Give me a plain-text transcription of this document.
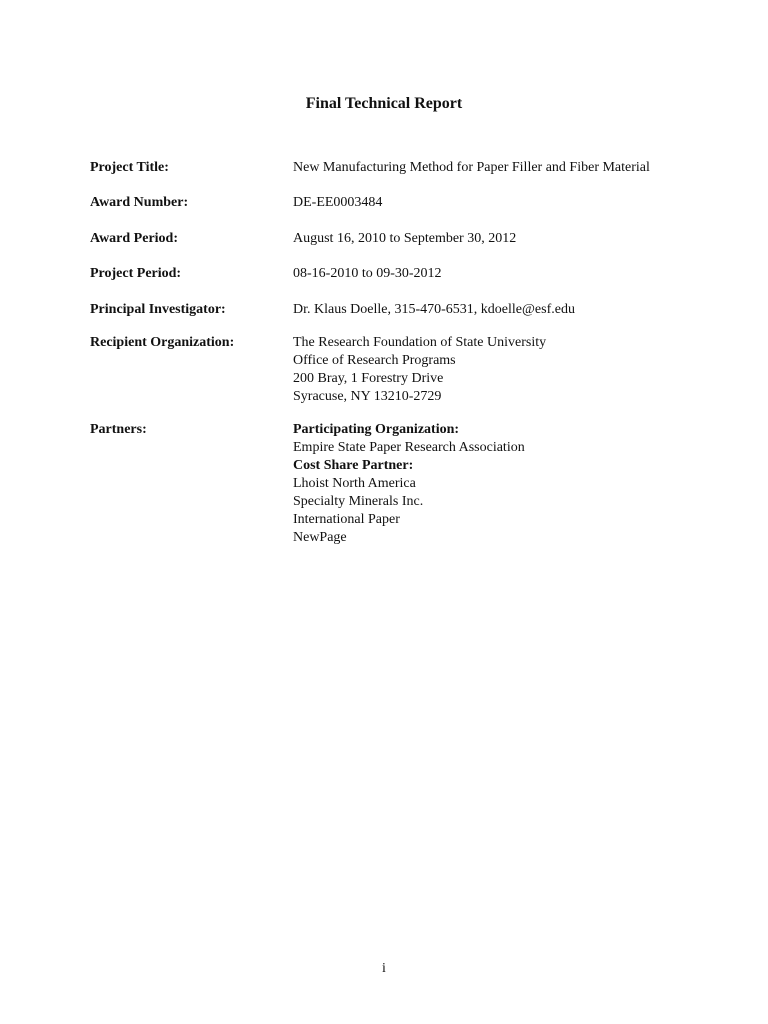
Final Technical Report
Project Title:	New Manufacturing Method for Paper Filler and Fiber Material
Award Number:	DE-EE0003484
Award Period:	August 16, 2010 to September 30, 2012
Project Period:	08-16-2010 to 09-30-2012
Principal Investigator:	Dr. Klaus Doelle, 315-470-6531, kdoelle@esf.edu
Recipient Organization:	The Research Foundation of State University
Office of Research Programs
200 Bray, 1 Forestry Drive
Syracuse, NY 13210-2729
Partners:	Participating Organization:
Empire State Paper Research Association
Cost Share Partner:
Lhoist North America
Specialty Minerals Inc.
International Paper
NewPage
i
